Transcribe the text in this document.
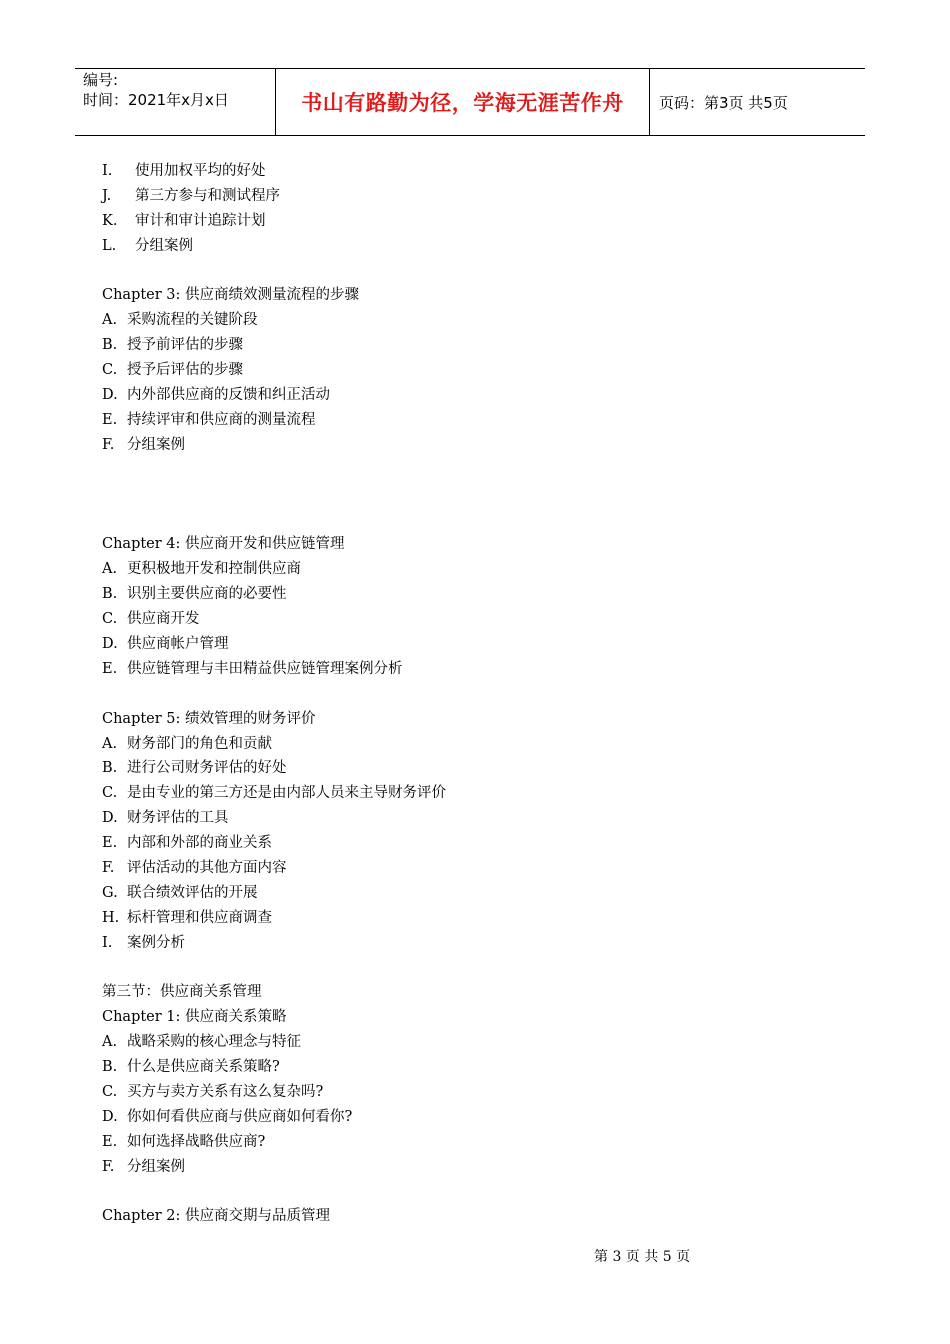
编号:
时间：2021年x月x日	书山有路勤为径，学海无涯苦作舟 页码：第3页 共5页
I. 使用加权平均的好处
J. 第三方参与和测试程序
K. 审计和审计追踪计划
L. 分组案例
Chapter 3: 供应商绩效测量流程的步骤
A. 采购流程的关键阶段
B. 授予前评估的步骤
C. 授予后评估的步骤
D. 内外部供应商的反馈和纠正活动
E. 持续评审和供应商的测量流程
F. 分组案例
Chapter 4: 供应商开发和供应链管理
A. 更积极地开发和控制供应商
B. 识别主要供应商的必要性
C. 供应商开发
D. 供应商帐户管理
E. 供应链管理与丰田精益供应链管理案例分析
Chapter 5: 绩效管理的财务评价
A. 财务部门的角色和贡献
B. 进行公司财务评估的好处
C. 是由专业的第三方还是由内部人员来主导财务评价
D. 财务评估的工具
E. 内部和外部的商业关系
F. 评估活动的其他方面内容
G. 联合绩效评估的开展
H. 标杆管理和供应商调查
I. 案例分析
第三节：供应商关系管理
Chapter 1: 供应商关系策略
A. 战略采购的核心理念与特征
B. 什么是供应商关系策略?
C. 买方与卖方关系有这么复杂吗?
D. 你如何看供应商与供应商如何看你?
E. 如何选择战略供应商?
F. 分组案例
Chapter 2: 供应商交期与品质管理
第 3 页 共 5 页
